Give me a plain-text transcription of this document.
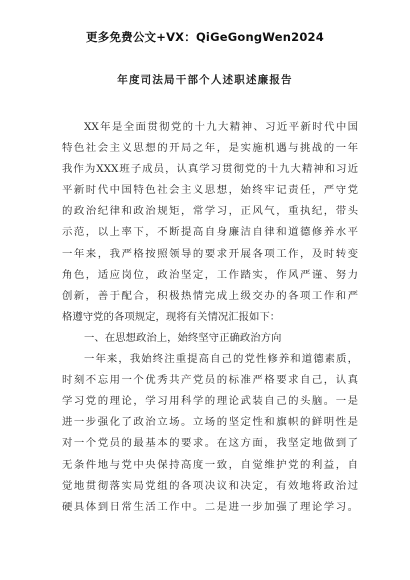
更多免费公文+VX：QiGeGongWen2024
年度司法局干部个人述职述廉报告
XX年是全面贯彻党的十九大精神、习近平新时代中国
特色社会主义思想的开局之年，是实施机遇与挑战的一年
我作为XXX班子成员，认真学习贯彻党的十九大精神和习近
平新时代中国特色社会主义思想，始终牢记责任，严守党
的政治纪律和政治规矩，常学习，正风气，重执纪，带头
示范，以上率下，不断提高自身廉洁自律和道德修养水平
一年来，我严格按照领导的要求开展各项工作，及时转变
角色，适应岗位，政治坚定，工作踏实，作风严谨、努力
创新，善于配合，积极热情完成上级交办的各项工作和严
格遵守党的各项规定，现将有关情况汇报如下：
一、在思想政治上，始终坚守正确政治方向
一年来，我始终注重提高自己的党性修养和道德素质，
时刻不忘用一个优秀共产党员的标准严格要求自己，认真
学习党的理论，学习用科学的理论武装自己的头脑。一是
进一步强化了政治立场。立场的坚定性和旗帜的鲜明性是
对一个党员的最基本的要求。在这方面，我坚定地做到了
无条件地与党中央保持高度一致，自觉维护党的利益，自
觉地贯彻落实局党组的各项决议和决定，有效地将政治过
硬具体到日常生活工作中。二是进一步加强了理论学习。
